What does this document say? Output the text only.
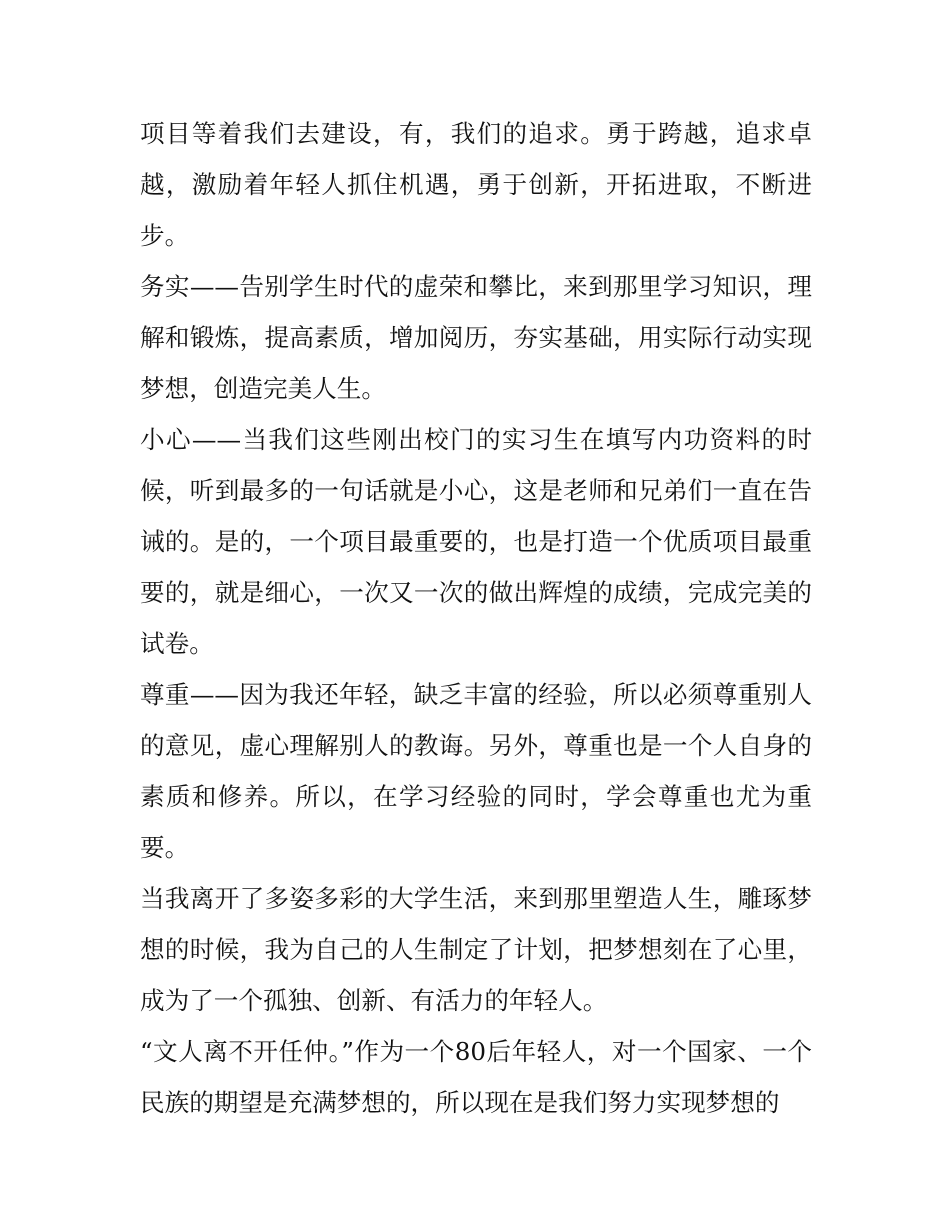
项目等着我们去建设，有，我们的追求。勇于跨越，追求卓越，激励着年轻人抓住机遇，勇于创新，开拓进取，不断进步。

务实——告别学生时代的虚荣和攀比，来到那里学习知识，理解和锻炼，提高素质，增加阅历，夯实基础，用实际行动实现梦想，创造完美人生。

小心——当我们这些刚出校门的实习生在填写内功资料的时候，听到最多的一句话就是小心，这是老师和兄弟们一直在告诫的。是的，一个项目最重要的，也是打造一个优质项目最重要的，就是细心，一次又一次的做出辉煌的成绩，完成完美的试卷。

尊重——因为我还年轻，缺乏丰富的经验，所以必须尊重别人的意见，虚心理解别人的教诲。另外，尊重也是一个人自身的素质和修养。所以，在学习经验的同时，学会尊重也尤为重要。

当我离开了多姿多彩的大学生活，来到那里塑造人生，雕琢梦想的时候，我为自己的人生制定了计划，把梦想刻在了心里，成为了一个孤独、创新、有活力的年轻人。

“文人离不开任仲。”作为一个80后年轻人，对一个国家、一个民族的期望是充满梦想的，所以现在是我们努力实现梦想的
